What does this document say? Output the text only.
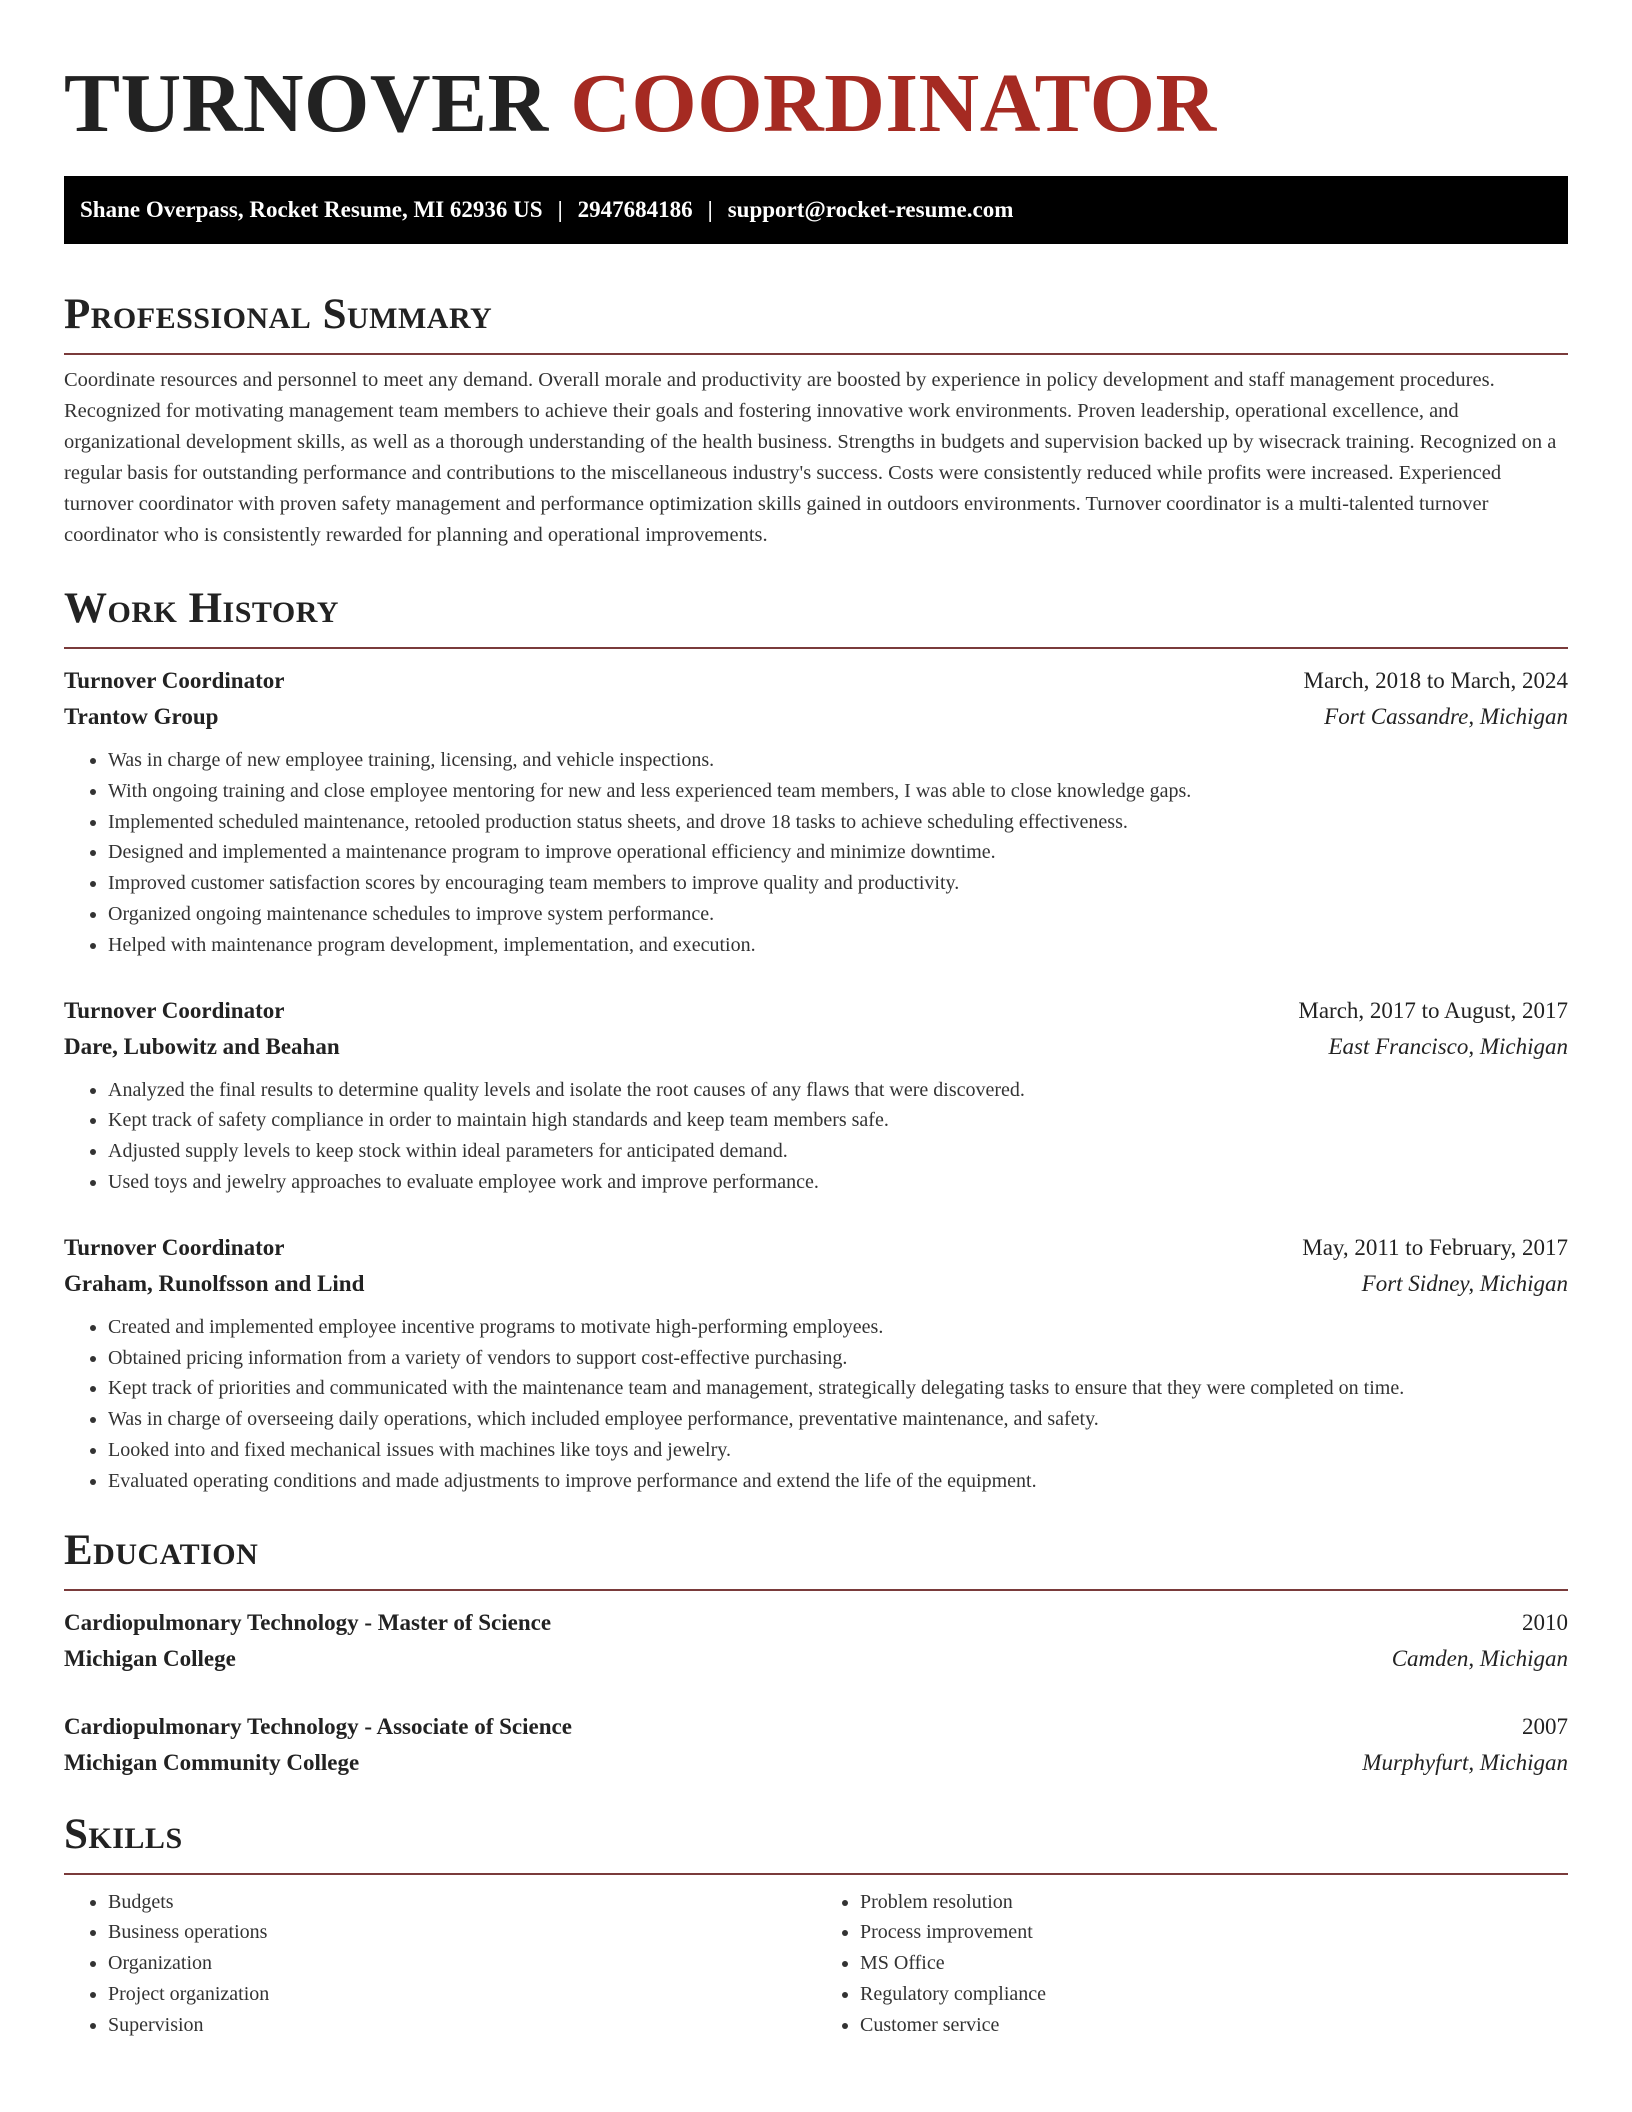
TURNOVER COORDINATOR
Shane Overpass, Rocket Resume, MI 62936 US | 2947684186 | support@rocket-resume.com
Professional Summary

Coordinate resources and personnel to meet any demand. Overall morale and productivity are boosted by experience in policy development and staff management procedures. Recognized for motivating management team members to achieve their goals and fostering innovative work environments. Proven leadership, operational excellence, and organizational development skills, as well as a thorough understanding of the health business. Strengths in budgets and supervision backed up by wisecrack training. Recognized on a regular basis for outstanding performance and contributions to the miscellaneous industry's success. Costs were consistently reduced while profits were increased. Experienced turnover coordinator with proven safety management and performance optimization skills gained in outdoors environments. Turnover coordinator is a multi-talented turnover coordinator who is consistently rewarded for planning and operational improvements.

Work History
Turnover Coordinator	March, 2018 to March, 2024
Trantow Group	Fort Cassandre, Michigan
• Was in charge of new employee training, licensing, and vehicle inspections.
• With ongoing training and close employee mentoring for new and less experienced team members, I was able to close knowledge gaps.
• Implemented scheduled maintenance, retooled production status sheets, and drove 18 tasks to achieve scheduling effectiveness.
• Designed and implemented a maintenance program to improve operational efficiency and minimize downtime.
• Improved customer satisfaction scores by encouraging team members to improve quality and productivity.
• Organized ongoing maintenance schedules to improve system performance.
• Helped with maintenance program development, implementation, and execution.
Turnover Coordinator	March, 2017 to August, 2017
Dare, Lubowitz and Beahan	East Francisco, Michigan
• Analyzed the final results to determine quality levels and isolate the root causes of any flaws that were discovered.
• Kept track of safety compliance in order to maintain high standards and keep team members safe.
• Adjusted supply levels to keep stock within ideal parameters for anticipated demand.
• Used toys and jewelry approaches to evaluate employee work and improve performance.
Turnover Coordinator	May, 2011 to February, 2017
Graham, Runolfsson and Lind	Fort Sidney, Michigan
• Created and implemented employee incentive programs to motivate high-performing employees.
• Obtained pricing information from a variety of vendors to support cost-effective purchasing.
• Kept track of priorities and communicated with the maintenance team and management, strategically delegating tasks to ensure that they were completed on time.
• Was in charge of overseeing daily operations, which included employee performance, preventative maintenance, and safety.
• Looked into and fixed mechanical issues with machines like toys and jewelry.
• Evaluated operating conditions and made adjustments to improve performance and extend the life of the equipment.
Education
Cardiopulmonary Technology - Master of Science	2010
Michigan College	Camden, Michigan
Cardiopulmonary Technology - Associate of Science	2007
Michigan Community College	Murphyfurt, Michigan
Skills
• Budgets
• Business operations
• Organization
• Project organization
• Supervision
• Problem resolution
• Process improvement
• MS Office
• Regulatory compliance
• Customer service
